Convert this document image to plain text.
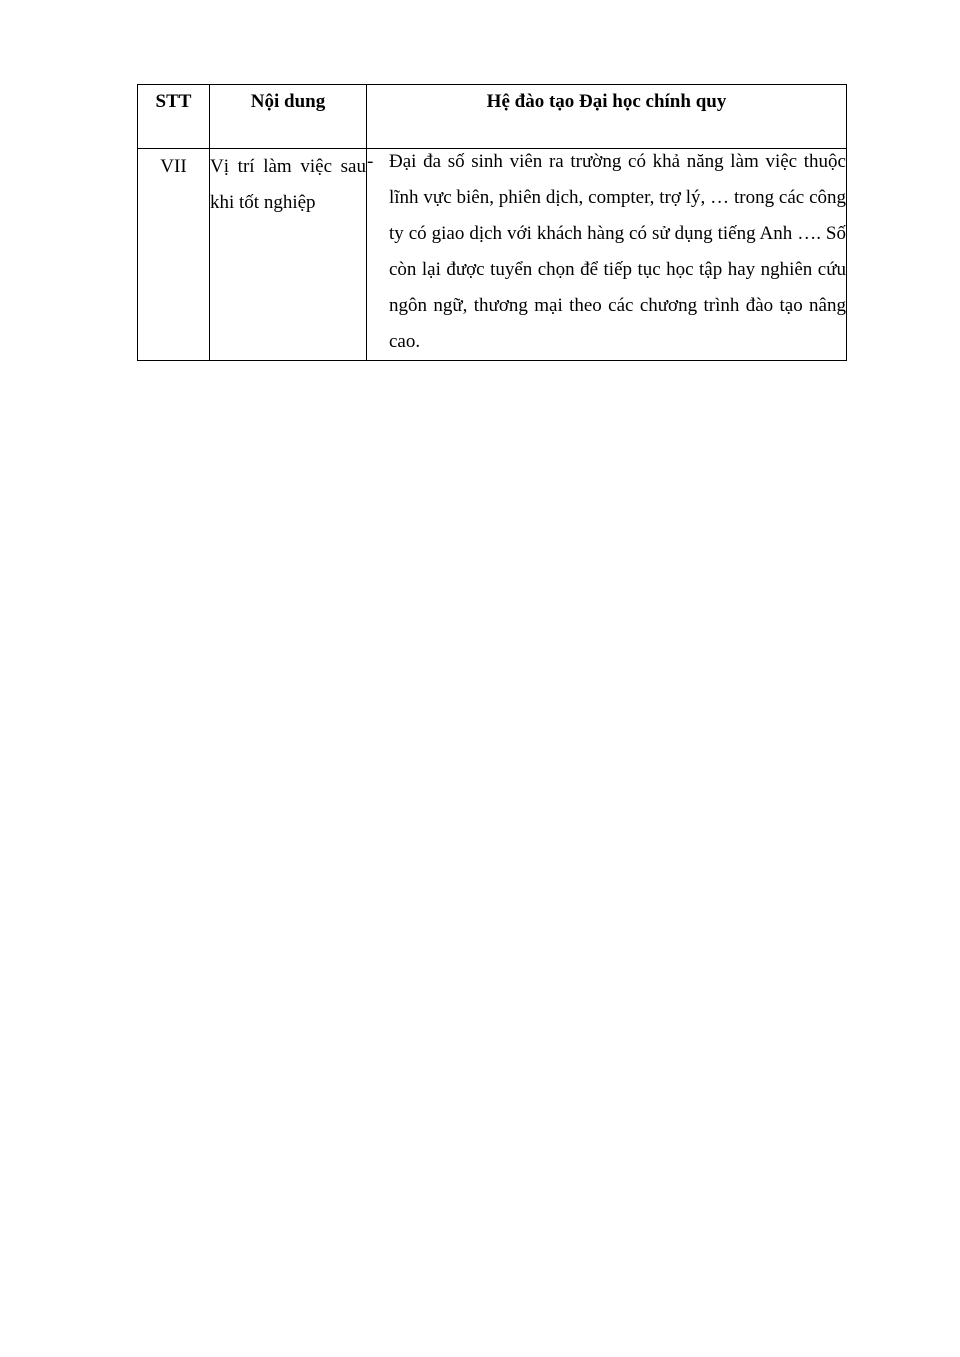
STT	Nội dung	Hệ đào tạo Đại học chính quy
VII	Vị trí làm việc sau khi tốt nghiệp	- Đại đa số sinh viên ra trường có khả năng làm việc thuộc lĩnh vực biên, phiên dịch, compter, trợ lý, … trong các công ty có giao dịch với khách hàng có sử dụng tiếng Anh …. Số còn lại được tuyển chọn để tiếp tục học tập hay nghiên cứu ngôn ngữ, thương mại theo các chương trình đào tạo nâng cao.
